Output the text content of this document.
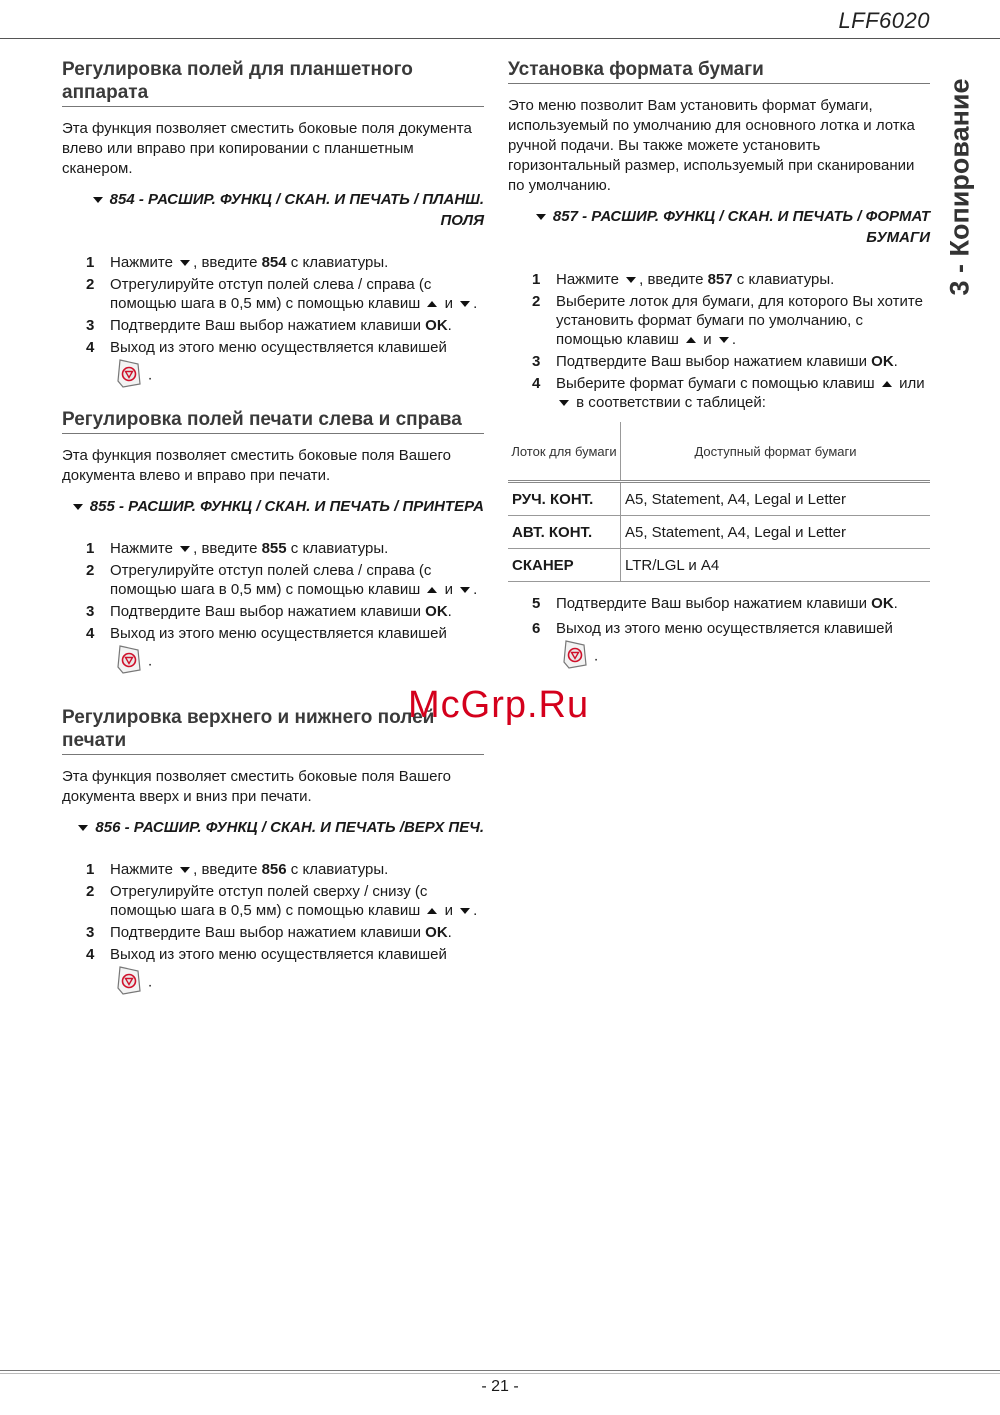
LFF6020
3 - Копирование
Регулировка полей для планшетного аппарата

Эта функция позволяет сместить боковые поля документа влево или вправо при копировании с планшетным сканером.

854 - РАСШИР. ФУНКЦ / СКАН. И ПЕЧАТЬ / ПЛАНШ. ПОЛЯ
1 Нажмите , введите 854 с клавиатуры.
2 Отрегулируйте отступ полей слева / справа (с помощью шага в 0,5 мм) с помощью клавиш и .
3 Подтвердите Ваш выбор нажатием клавиши OK.
4 Выход из этого меню осуществляется клавишей .
Регулировка полей печати слева и справа

Эта функция позволяет сместить боковые поля Вашего документа влево и вправо при печати.

855 - РАСШИР. ФУНКЦ / СКАН. И ПЕЧАТЬ / ПРИНТЕРА
1 Нажмите , введите 855 с клавиатуры.
2 Отрегулируйте отступ полей слева / справа (с помощью шага в 0,5 мм) с помощью клавиш и .
3 Подтвердите Ваш выбор нажатием клавиши OK.
4 Выход из этого меню осуществляется клавишей .
Регулировка верхнего и нижнего полей печати

Эта функция позволяет сместить боковые поля Вашего документа вверх и вниз при печати.

856 - РАСШИР. ФУНКЦ / СКАН. И ПЕЧАТЬ /ВЕРХ ПЕЧ.
1 Нажмите , введите 856 с клавиатуры.
2 Отрегулируйте отступ полей сверху / снизу (с помощью шага в 0,5 мм) с помощью клавиш и .
3 Подтвердите Ваш выбор нажатием клавиши OK.
4 Выход из этого меню осуществляется клавишей .
Установка формата бумаги

Это меню позволит Вам установить формат бумаги, используемый по умолчанию для основного лотка и лотка ручной подачи. Вы также можете установить горизонтальный размер, используемый при сканировании по умолчанию.

857 - РАСШИР. ФУНКЦ / СКАН. И ПЕЧАТЬ / ФОРМАТ БУМАГИ
1 Нажмите , введите 857 с клавиатуры.
2 Выберите лоток для бумаги, для которого Вы хотите установить формат бумаги по умолчанию, с помощью клавиш и .
3 Подтвердите Ваш выбор нажатием клавиши OK.
4 Выберите формат бумаги с помощью клавиш или  в соответствии с таблицей:
Лоток для бумаги	Доступный формат бумаги
РУЧ. КОНТ.	A5, Statement, A4, Legal и Letter
АВТ. КОНТ.	A5, Statement, A4, Legal и Letter
СКАНЕР	LTR/LGL и A4
5 Подтвердите Ваш выбор нажатием клавиши OK.
6 Выход из этого меню осуществляется клавишей .
McGrp.Ru
- 21 -
